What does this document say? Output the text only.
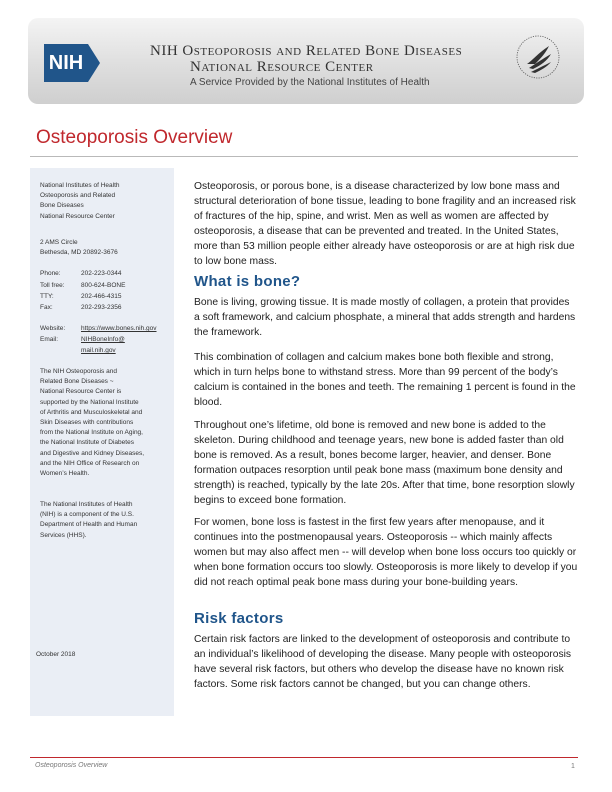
NIH
NIH Osteoporosis and Related Bone Diseases
National Resource Center
A Service Provided by the National Institutes of Health
Osteoporosis Overview
National Institutes of Health
Osteoporosis and Related
Bone Diseases
National Resource Center
2 AMS Circle
Bethesda, MD 20892-3676
Phone:	202-223-0344
Toll free:	800-624-BONE
TTY:	202-466-4315
Fax:	202-293-2356
Website: https://www.bones.nih.gov
Email:	NIHBoneInfo@
mail.nih.gov
The NIH Osteoporosis and
Related Bone Diseases ~
National Resource Center is
supported by the National Institute
of Arthritis and Musculoskeletal and
Skin Diseases with contributions
from the National Institute on Aging,
the National Institute of Diabetes
and Digestive and Kidney Diseases,
and the NIH Office of Research on
Women’s Health.
The National Institutes of Health
(NIH) is a component of the U.S.
Department of Health and Human
Services (HHS).
October 2018

Osteoporosis, or porous bone, is a disease characterized by low bone mass and structural deterioration of bone tissue, leading to bone fragility and an increased risk of fractures of the hip, spine, and wrist. Men as well as women are affected by osteoporosis, a disease that can be prevented and treated. In the United States, more than 53 million people either already have osteoporosis or are at high risk due to low bone mass.

What is bone?

Bone is living, growing tissue. It is made mostly of collagen, a protein that provides a soft framework, and calcium phosphate, a mineral that adds strength and hardens the framework.

This combination of collagen and calcium makes bone both flexible and strong, which in turn helps bone to withstand stress. More than 99 percent of the body’s calcium is contained in the bones and teeth. The remaining 1 percent is found in the blood.

Throughout one’s lifetime, old bone is removed and new bone is added to the skeleton. During childhood and teenage years, new bone is added faster than old bone is removed. As a result, bones become larger, heavier, and denser. Bone formation outpaces resorption until peak bone mass (maximum bone density and strength) is reached, typically by the late 20s. After that time, bone resorption slowly begins to exceed bone formation.

For women, bone loss is fastest in the first few years after menopause, and it continues into the postmenopausal years. Osteoporosis -- which mainly affects women but may also affect men -- will develop when bone loss occurs too quickly or when bone formation occurs too slowly. Osteoporosis is more likely to develop if you did not reach optimal peak bone mass during your bone-building years.

Risk factors

Certain risk factors are linked to the development of osteoporosis and contribute to an individual’s likelihood of developing the disease. Many people with osteoporosis have several risk factors, but others who develop the disease have no known risk factors. Some risk factors cannot be changed, but you can change others.

Osteoporosis Overview	1
